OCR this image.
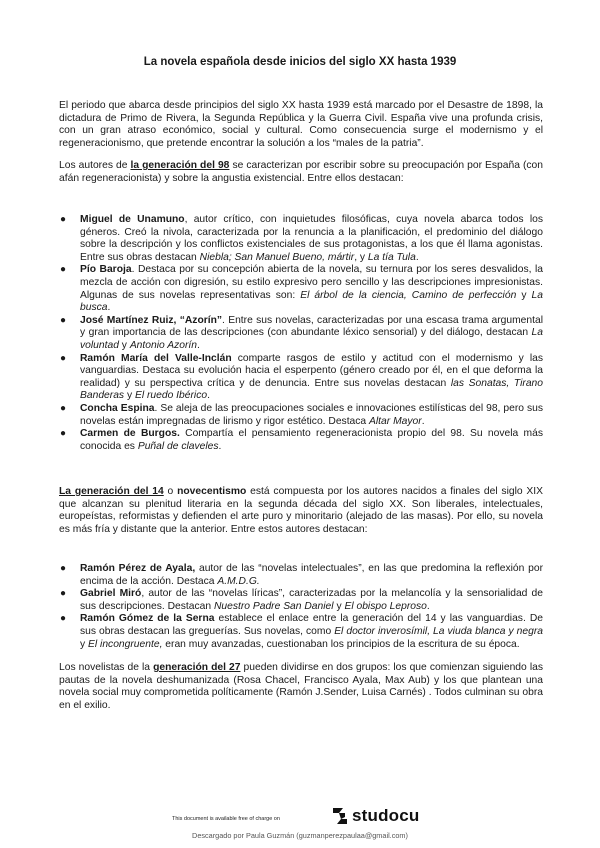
La novela española desde inicios del siglo XX hasta 1939
El periodo que abarca desde principios del siglo XX hasta 1939 está marcado por el Desastre de 1898, la dictadura de Primo de Rivera, la Segunda República y la Guerra Civil. España vive una profunda crisis, con un gran atraso económico, social y cultural. Como consecuencia surge el modernismo y el regeneracionismo, que pretende encontrar la solución a los “males de la patria”.
Los autores de la generación del 98 se caracterizan por escribir sobre su preocupación por España (con afán regeneracionista) y sobre la angustia existencial. Entre ellos destacan:
● Miguel de Unamuno, autor crítico, con inquietudes filosóficas, cuya novela abarca todos los géneros. Creó la nivola, caracterizada por la renuncia a la planificación, el predominio del diálogo sobre la descripción y los conflictos existenciales de sus protagonistas, a los que él llama agonistas. Entre sus obras destacan Niebla; San Manuel Bueno, mártir, y La tía Tula.
● Pío Baroja. Destaca por su concepción abierta de la novela, su ternura por los seres desvalidos, la mezcla de acción con digresión, su estilo expresivo pero sencillo y las descripciones impresionistas. Algunas de sus novelas representativas son: El árbol de la ciencia, Camino de perfección y La busca.
● José Martínez Ruiz, “Azorín”. Entre sus novelas, caracterizadas por una escasa trama argumental y gran importancia de las descripciones (con abundante léxico sensorial) y del diálogo, destacan La voluntad y Antonio Azorín.
● Ramón María del Valle-Inclán comparte rasgos de estilo y actitud con el modernismo y las vanguardias. Destaca su evolución hacia el esperpento (género creado por él, en el que deforma la realidad) y su perspectiva crítica y de denuncia. Entre sus novelas destacan las Sonatas, Tirano Banderas y El ruedo Ibérico.
● Concha Espina. Se aleja de las preocupaciones sociales e innovaciones estilísticas del 98, pero sus novelas están impregnadas de lirismo y rigor estético. Destaca Altar Mayor.
● Carmen de Burgos. Compartía el pensamiento regeneracionista propio del 98. Su novela más conocida es Puñal de claveles.
La generación del 14 o novecentismo está compuesta por los autores nacidos a finales del siglo XIX que alcanzan su plenitud literaria en la segunda década del siglo XX. Son liberales, intelectuales, europeístas, reformistas y defienden el arte puro y minoritario (alejado de las masas). Por ello, su novela es más fría y distante que la anterior. Entre estos autores destacan:
● Ramón Pérez de Ayala, autor de las “novelas intelectuales”, en las que predomina la reflexión por encima de la acción. Destaca A.M.D.G.
● Gabriel Miró, autor de las “novelas líricas”, caracterizadas por la melancolía y la sensorialidad de sus descripciones. Destacan Nuestro Padre San Daniel y El obispo Leproso.
● Ramón Gómez de la Serna establece el enlace entre la generación del 14 y las vanguardias. De sus obras destacan las greguerías. Sus novelas, como El doctor inverosímil, La viuda blanca y negra y El incongruente, eran muy avanzadas, cuestionaban los principios de la escritura de su época.
Los novelistas de la generación del 27 pueden dividirse en dos grupos: los que comienzan siguiendo las pautas de la novela deshumanizada (Rosa Chacel, Francisco Ayala, Max Aub) y los que plantean una novela social muy comprometida políticamente (Ramón J.Sender, Luisa Carnés) . Todos culminan su obra en el exilio.
This document is available free of charge on	studocu
Descargado por Paula Guzmán (guzmanperezpaulaa@gmail.com)
